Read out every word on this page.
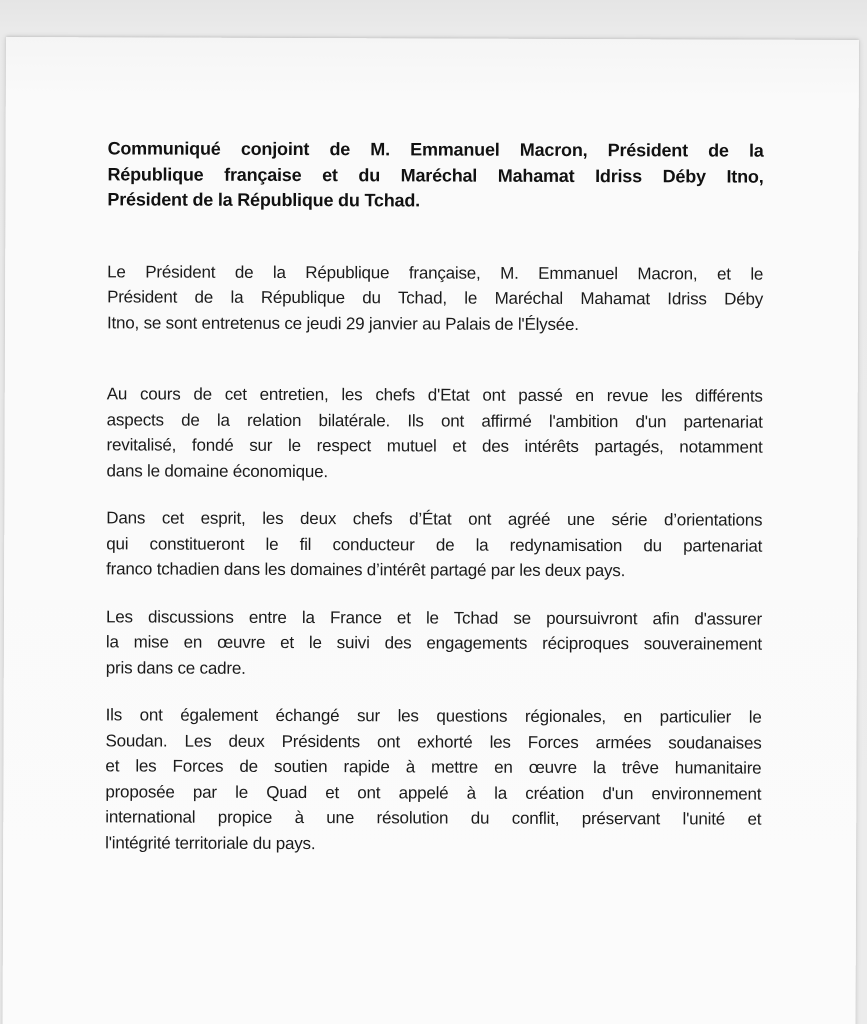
Communiqué conjoint de M. Emmanuel Macron, Président de la
République française et du Maréchal Mahamat Idriss Déby Itno,
Président de la République du Tchad.
Le Président de la République française, M. Emmanuel Macron, et le
Président de la République du Tchad, le Maréchal Mahamat Idriss Déby
Itno, se sont entretenus ce jeudi 29 janvier au Palais de l'Élysée.
Au cours de cet entretien, les chefs d'Etat ont passé en revue les différents
aspects de la relation bilatérale. Ils ont affirmé l'ambition d'un partenariat
revitalisé, fondé sur le respect mutuel et des intérêts partagés, notamment
dans le domaine économique.
Dans cet esprit, les deux chefs d’État ont agréé une série d’orientations
qui constitueront le fil conducteur de la redynamisation du partenariat
franco tchadien dans les domaines d’intérêt partagé par les deux pays.
Les discussions entre la France et le Tchad se poursuivront afin d'assurer
la mise en œuvre et le suivi des engagements réciproques souverainement
pris dans ce cadre.
Ils ont également échangé sur les questions régionales, en particulier le
Soudan. Les deux Présidents ont exhorté les Forces armées soudanaises
et les Forces de soutien rapide à mettre en œuvre la trêve humanitaire
proposée par le Quad et ont appelé à la création d'un environnement
international propice à une résolution du conflit, préservant l'unité et
l'intégrité territoriale du pays.
